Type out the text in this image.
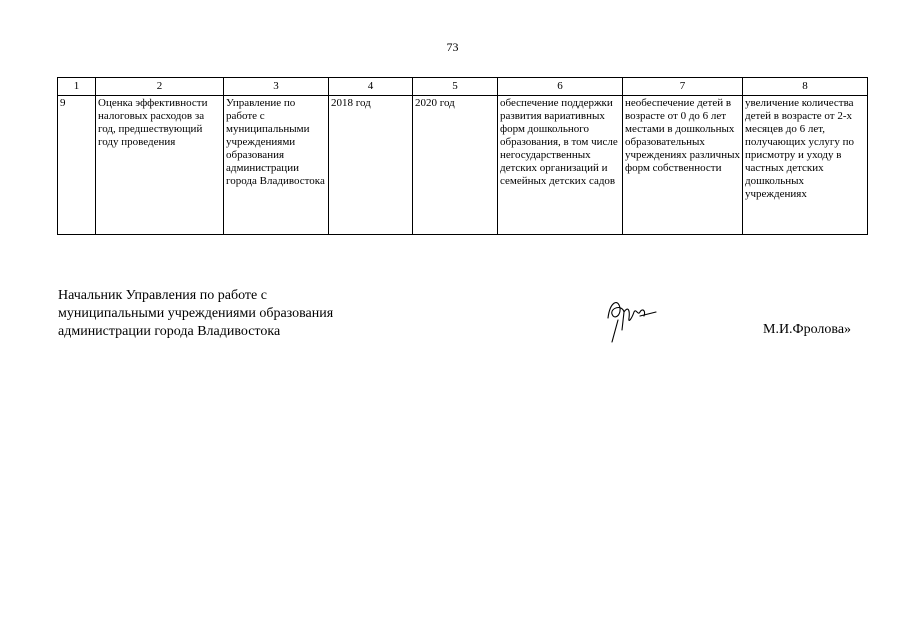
73
1	2	3	4	5	6	7	8
9	Оценка эффективности налоговых расходов за год, предшествующий году проведения	Управление по работе с муниципальными учреждениями образования администрации города Владивостока	2018 год	2020 год	обеспечение поддержки развития вариативных форм дошкольного образования, в том числе негосударственных детских организаций и семейных детских садов	необеспечение детей в возрасте от 0 до 6 лет местами в дошкольных образовательных учреждениях различных форм собственности	увеличение количества детей в возрасте от 2-х месяцев до 6 лет, получающих услугу по присмотру и уходу в частных детских дошкольных учреждениях
Начальник Управления по работе с
муниципальными учреждениями образования
администрации города Владивостока	М.И.Фролова»
